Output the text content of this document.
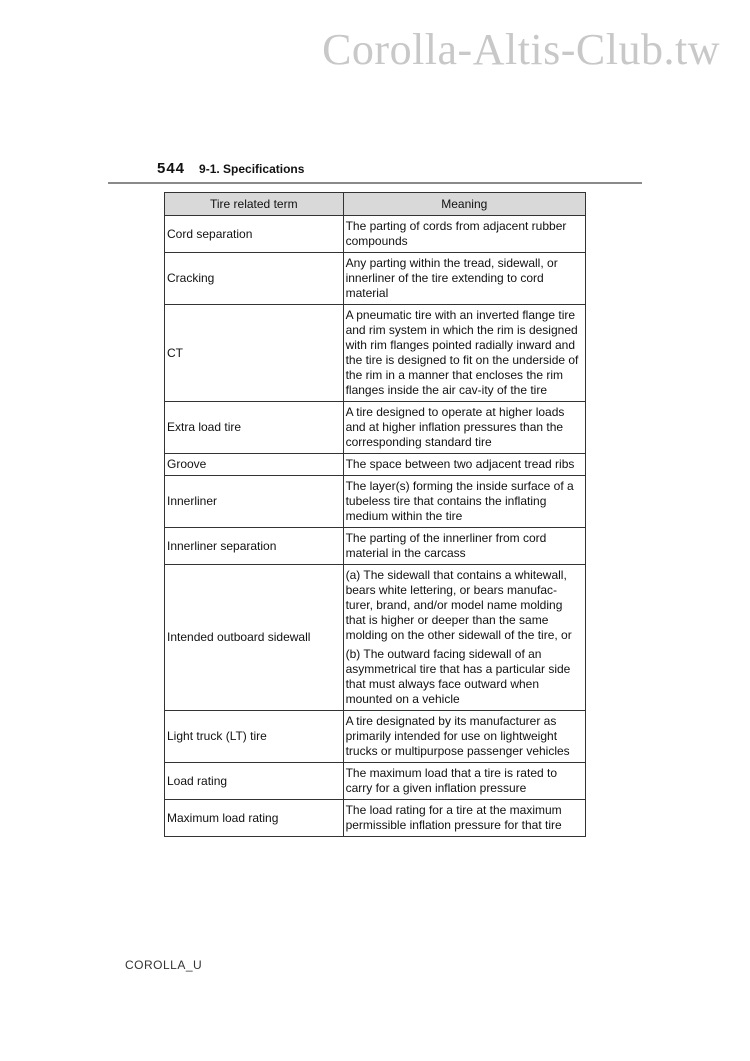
Corolla-Altis-Club.tw
544 9-1. Specifications
Tire related term	Meaning
Cord separation	The parting of cords from adjacent rubber compounds

Cracking	Any parting within the tread, sidewall, or innerliner of the tire extending to cord material

CT	A pneumatic tire with an inverted flange tire and rim system in which the rim is designed with rim flanges pointed radially inward and the tire is designed to fit on the underside of the rim in a manner that encloses the rim flanges inside the air cav-ity of the tire

Extra load tire	A tire designed to operate at higher loads and at higher inflation pressures than the corresponding standard tire

Groove	The space between two adjacent tread ribs

Innerliner	The layer(s) forming the inside surface of a tubeless tire that contains the inflating medium within the tire

Innerliner separation	The parting of the innerliner from cord material in the carcass

Intended outboard sidewall	(a) The sidewall that contains a whitewall, bears white lettering, or bears manufac-turer, brand, and/or model name molding that is higher or deeper than the same molding on the other sidewall of the tire, or
(b) The outward facing sidewall of an asymmetrical tire that has a particular side that must always face outward when mounted on a vehicle

Light truck (LT) tire	A tire designated by its manufacturer as primarily intended for use on lightweight trucks or multipurpose passenger vehicles

Load rating	The maximum load that a tire is rated to carry for a given inflation pressure

Maximum load rating	The load rating for a tire at the maximum permissible inflation pressure for that tire
COROLLA_U
